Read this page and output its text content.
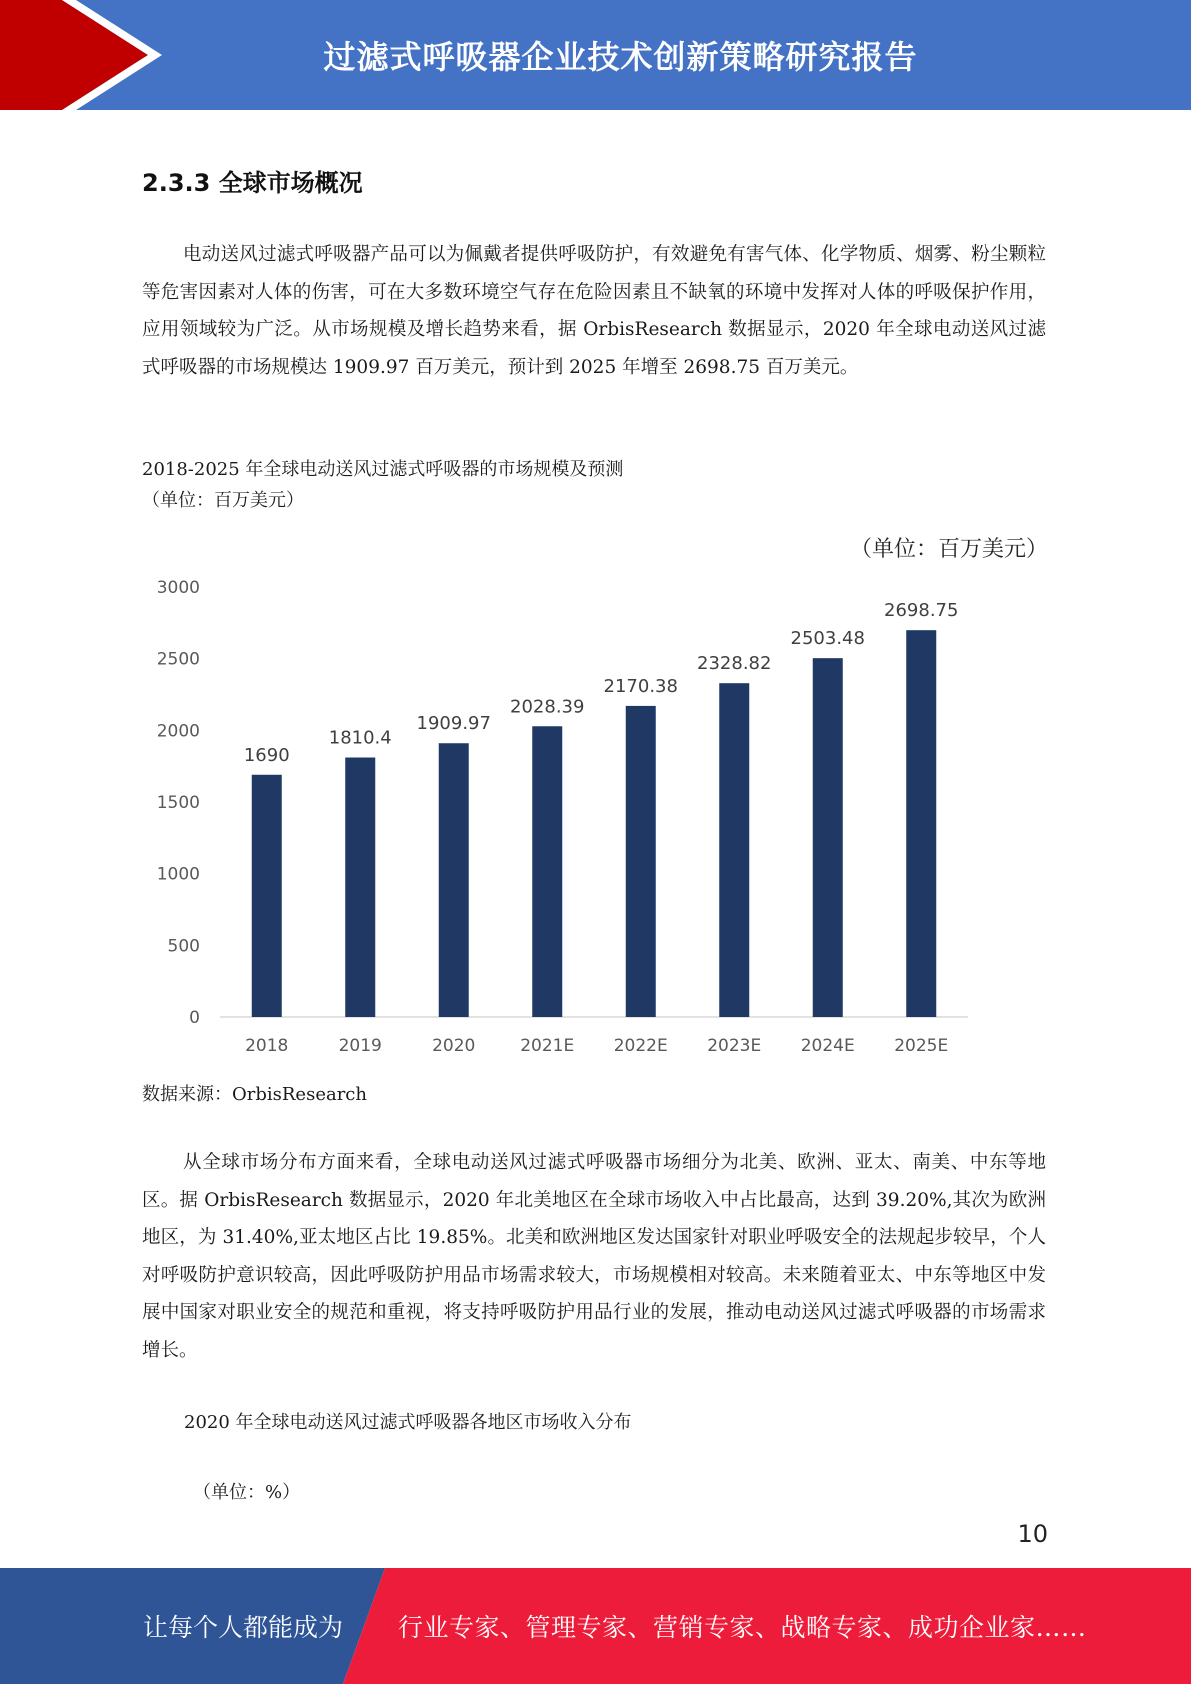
过滤式呼吸器企业技术创新策略研究报告
2.3.3 全球市场概况
电动送风过滤式呼吸器产品可以为佩戴者提供呼吸防护，有效避免有害气体、化学物质、烟雾、粉尘颗粒等危害因素对人体的伤害，可在大多数环境空气存在危险因素且不缺氧的环境中发挥对人体的呼吸保护作用，应用领域较为广泛。从市场规模及增长趋势来看，据 OrbisResearch 数据显示，2020 年全球电动送风过滤式呼吸器的市场规模达 1909.97 百万美元，预计到 2025 年增至 2698.75 百万美元。
2018-2025 年全球电动送风过滤式呼吸器的市场规模及预测
（单位：百万美元）
（单位：百万美元）
0
500
1000
1500
2000
2500
3000
1690
2018
1810.4
2019
1909.97
2020
2028.39
2021E
2170.38
2022E
2328.82
2023E
2503.48
2024E
2698.75
2025E
数据来源：OrbisResearch
从全球市场分布方面来看，全球电动送风过滤式呼吸器市场细分为北美、欧洲、亚太、南美、中东等地区。据 OrbisResearch 数据显示，2020 年北美地区在全球市场收入中占比最高，达到 39.20%,其次为欧洲地区，为 31.40%,亚太地区占比 19.85%。北美和欧洲地区发达国家针对职业呼吸安全的法规起步较早，个人对呼吸防护意识较高，因此呼吸防护用品市场需求较大，市场规模相对较高。未来随着亚太、中东等地区中发展中国家对职业安全的规范和重视，将支持呼吸防护用品行业的发展，推动电动送风过滤式呼吸器的市场需求增长。
2020 年全球电动送风过滤式呼吸器各地区市场收入分布
（单位：%）
10
让每个人都能成为 行业专家、管理专家、营销专家、战略专家、成功企业家……
